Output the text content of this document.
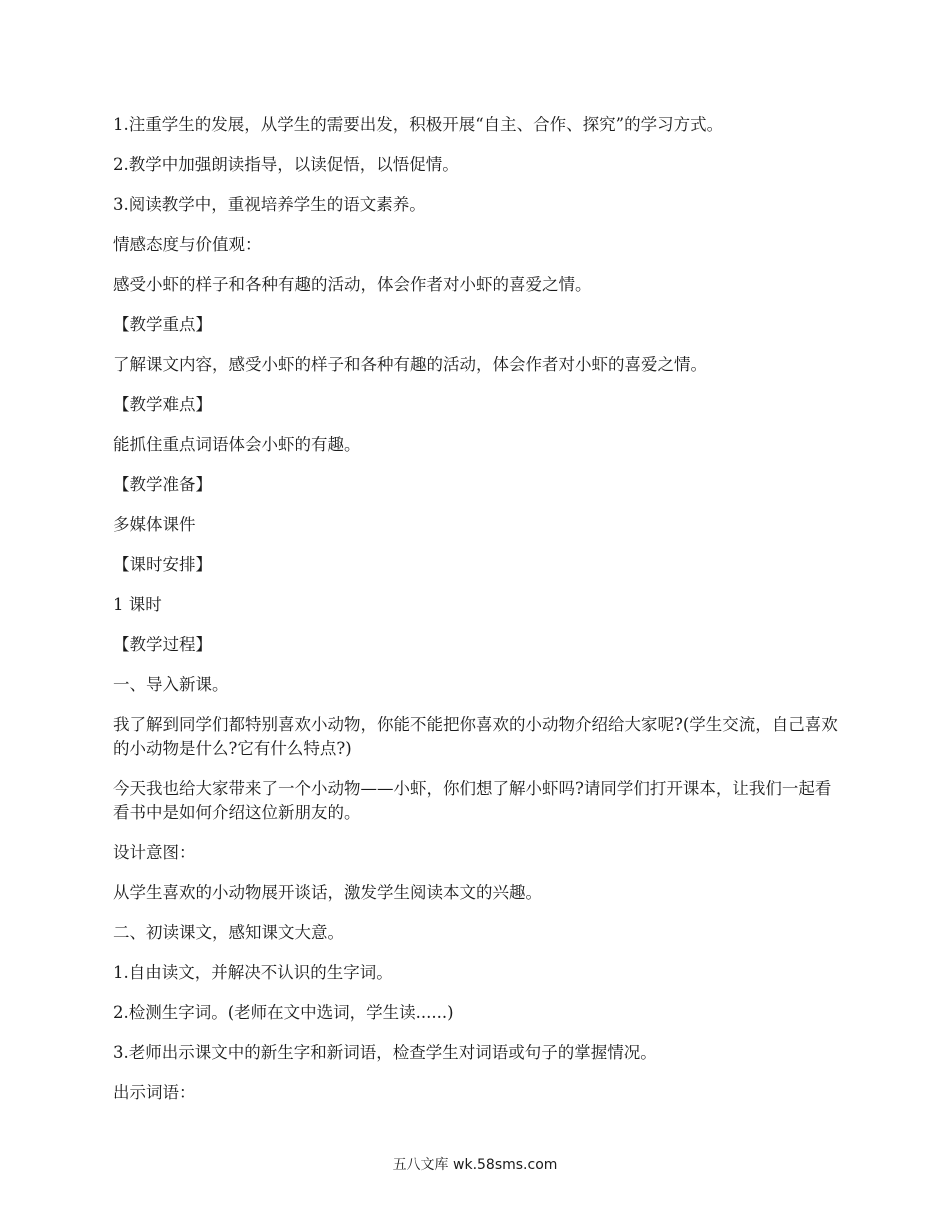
1.注重学生的发展，从学生的需要出发，积极开展“自主、合作、探究”的学习方式。

2.教学中加强朗读指导，以读促悟，以悟促情。

3.阅读教学中，重视培养学生的语文素养。

情感态度与价值观：

感受小虾的样子和各种有趣的活动，体会作者对小虾的喜爱之情。

【教学重点】

了解课文内容，感受小虾的样子和各种有趣的活动，体会作者对小虾的喜爱之情。

【教学难点】

能抓住重点词语体会小虾的有趣。

【教学准备】

多媒体课件

【课时安排】

1 课时

【教学过程】

一、导入新课。

我了解到同学们都特别喜欢小动物，你能不能把你喜欢的小动物介绍给大家呢?(学生交流，自己喜欢的小动物是什么?它有什么特点?)

今天我也给大家带来了一个小动物——小虾，你们想了解小虾吗?请同学们打开课本，让我们一起看看书中是如何介绍这位新朋友的。

设计意图：

从学生喜欢的小动物展开谈话，激发学生阅读本文的兴趣。

二、初读课文，感知课文大意。

1.自由读文，并解决不认识的生字词。

2.检测生字词。(老师在文中选词，学生读......)

3.老师出示课文中的新生字和新词语，检查学生对词语或句子的掌握情况。

出示词语：

五八文库 wk.58sms.com
